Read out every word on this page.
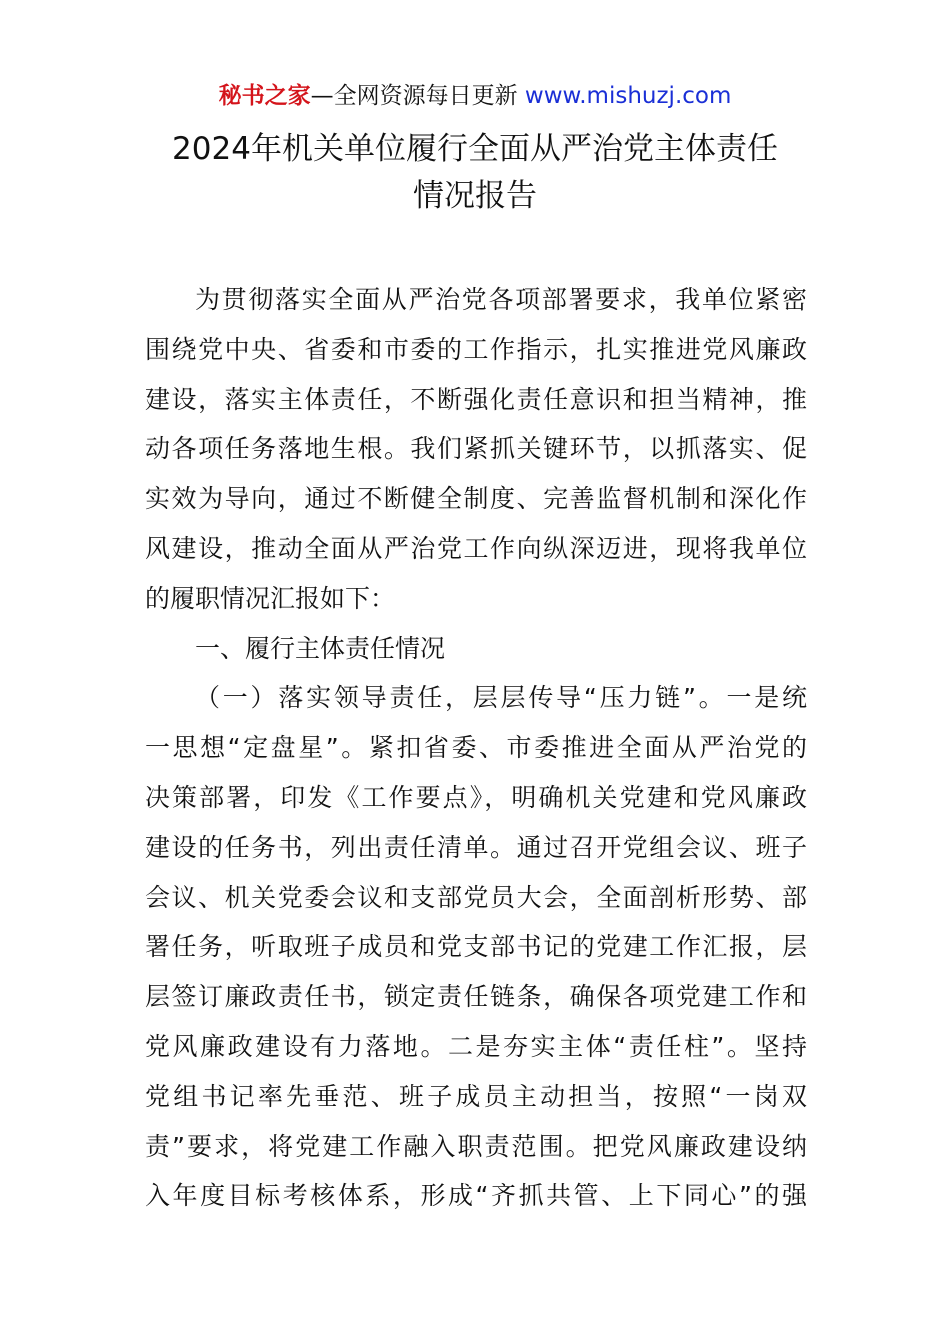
秘书之家—全网资源每日更新 www.mishuzj.com
2024年机关单位履行全面从严治党主体责任
情况报告
为贯彻落实全面从严治党各项部署要求，我单位紧密
围绕党中央、省委和市委的工作指示，扎实推进党风廉政
建设，落实主体责任，不断强化责任意识和担当精神，推
动各项任务落地生根。我们紧抓关键环节，以抓落实、促
实效为导向，通过不断健全制度、完善监督机制和深化作
风建设，推动全面从严治党工作向纵深迈进，现将我单位
的履职情况汇报如下：
一、履行主体责任情况
（一）落实领导责任，层层传导“压力链”。一是统
一思想“定盘星”。紧扣省委、市委推进全面从严治党的
决策部署，印发《工作要点》，明确机关党建和党风廉政
建设的任务书，列出责任清单。通过召开党组会议、班子
会议、机关党委会议和支部党员大会，全面剖析形势、部
署任务，听取班子成员和党支部书记的党建工作汇报，层
层签订廉政责任书，锁定责任链条，确保各项党建工作和
党风廉政建设有力落地。二是夯实主体“责任柱”。坚持
党组书记率先垂范、班子成员主动担当，按照“一岗双
责”要求，将党建工作融入职责范围。把党风廉政建设纳
入年度目标考核体系，形成“齐抓共管、上下同心”的强
